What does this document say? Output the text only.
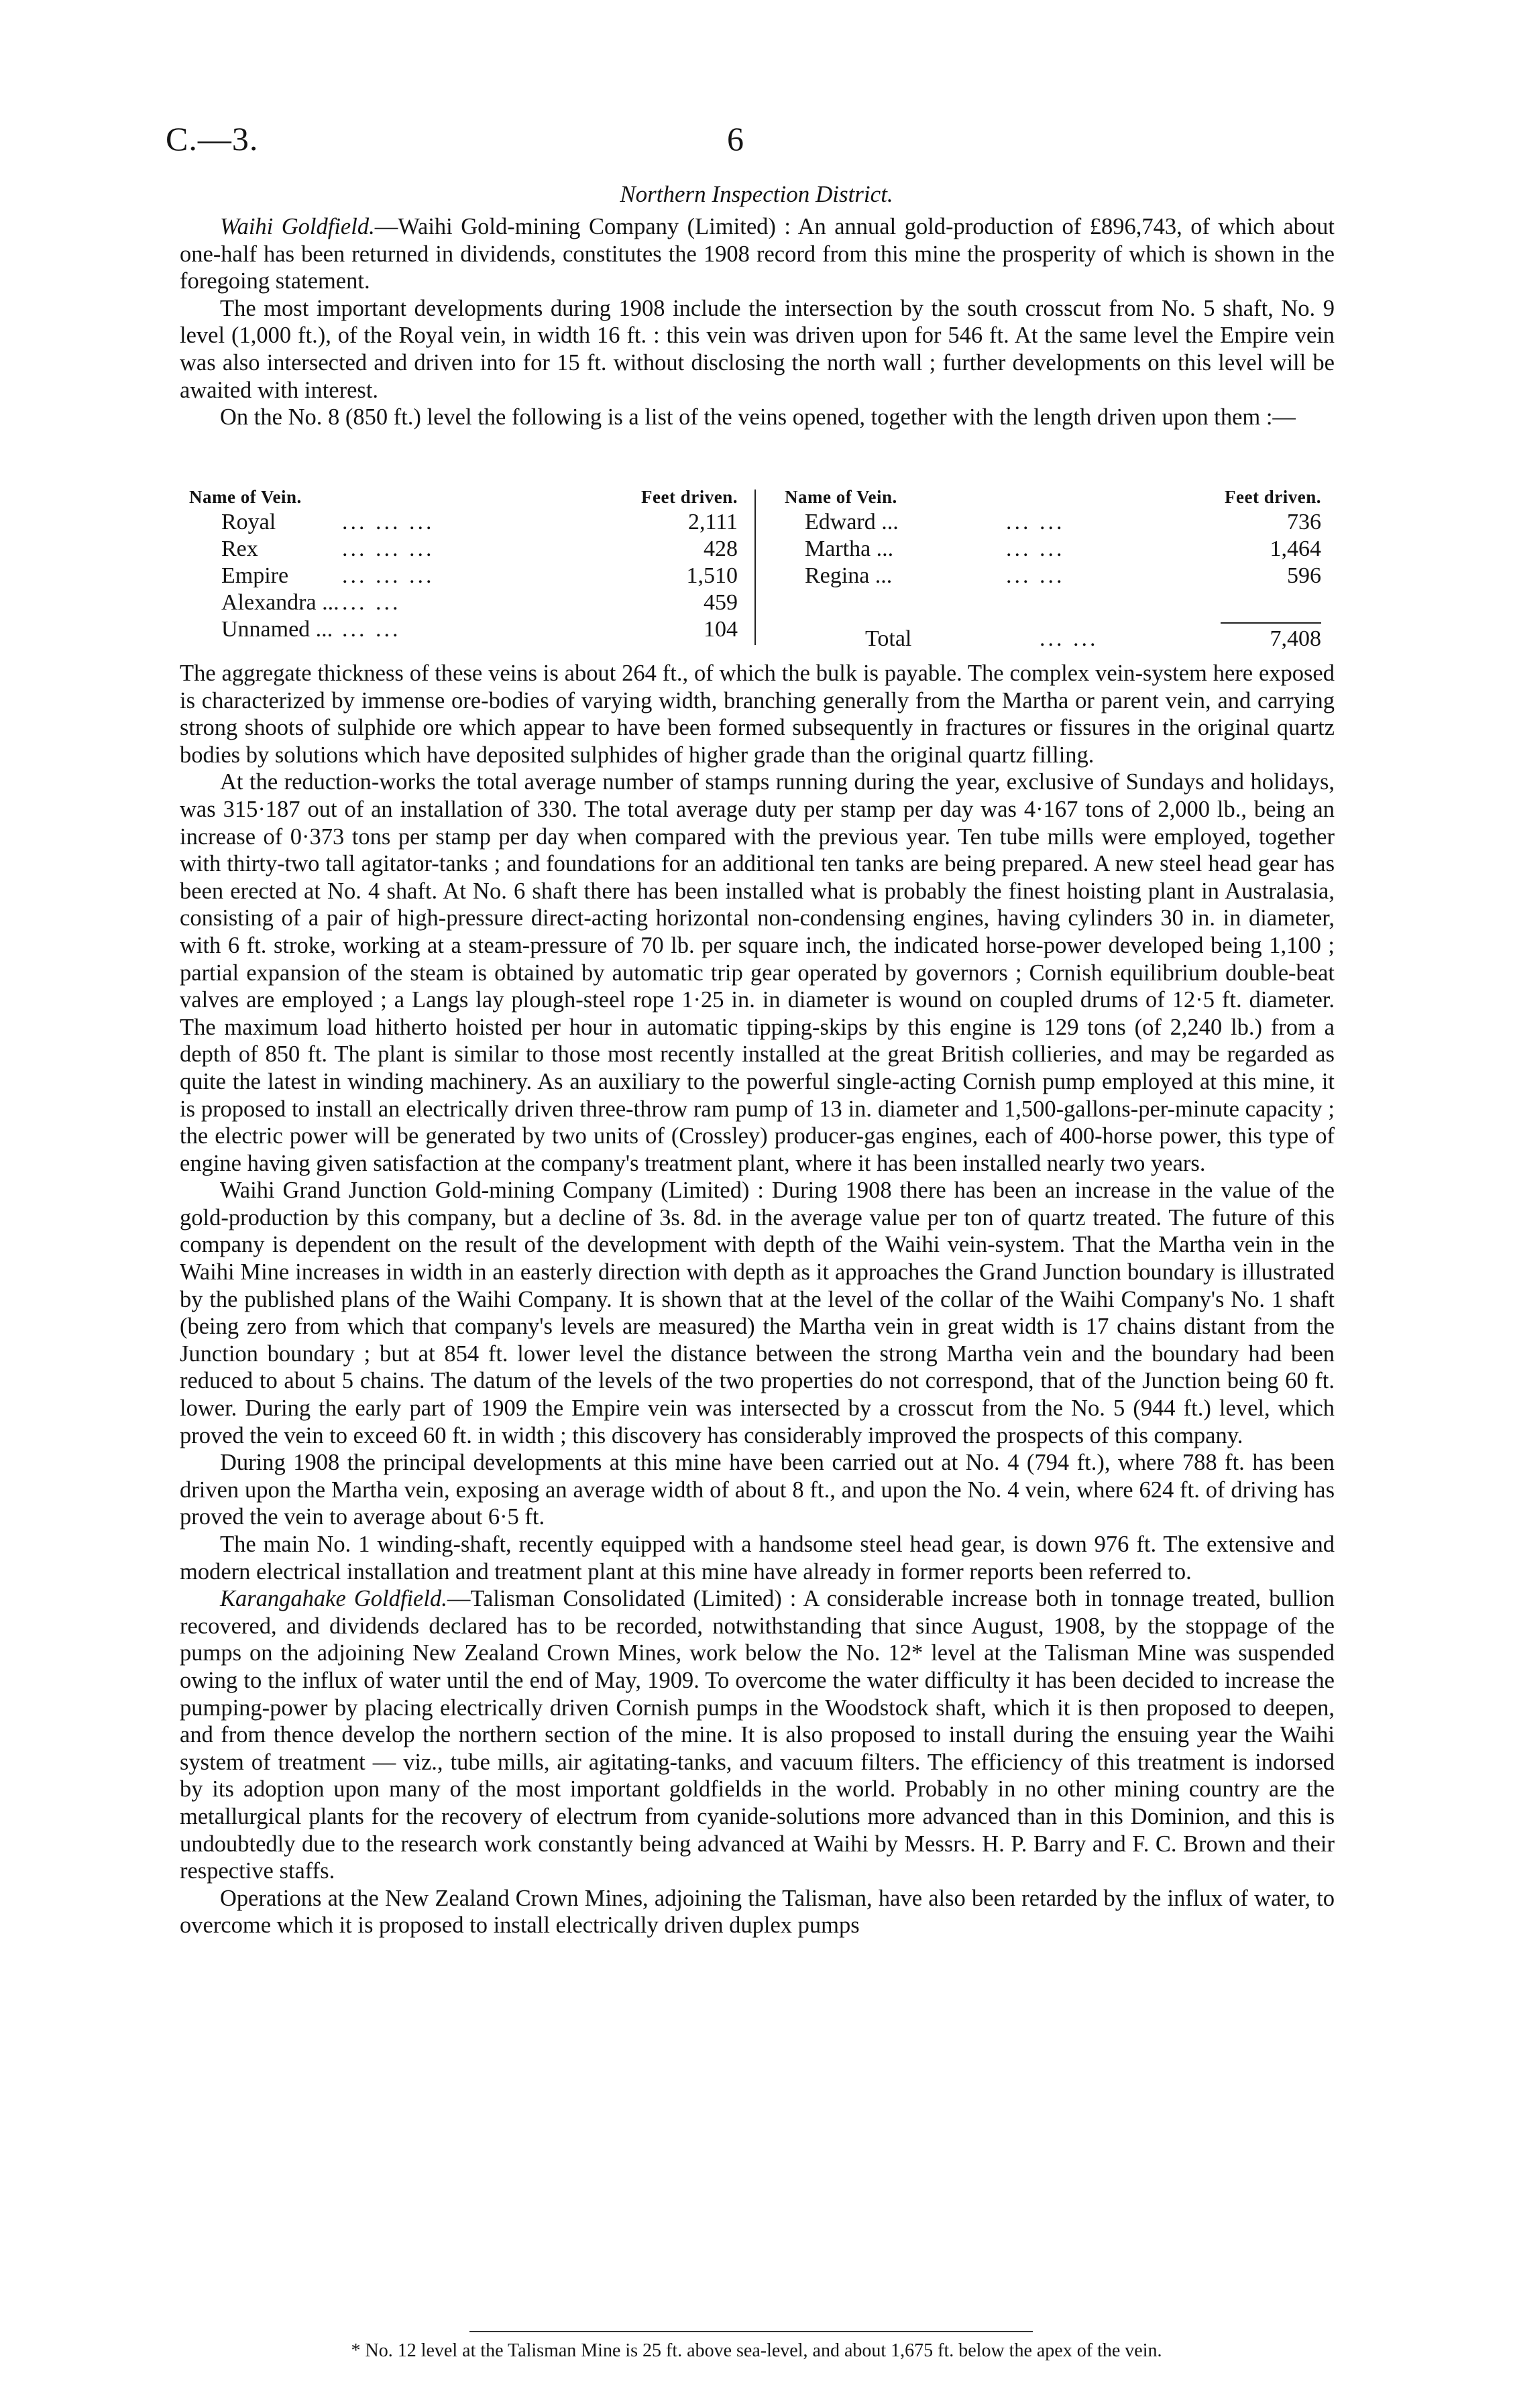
C.—3.	6
Northern Inspection District.

Waihi Goldfield.—Waihi Gold-mining Company (Limited) : An annual gold-production of £896,743, of which about one-half has been returned in dividends, constitutes the 1908 record from this mine the prosperity of which is shown in the foregoing statement.

The most important developments during 1908 include the intersection by the south crosscut from No. 5 shaft, No. 9 level (1,000 ft.), of the Royal vein, in width 16 ft. : this vein was driven upon for 546 ft. At the same level the Empire vein was also intersected and driven into for 15 ft. without disclosing the north wall ; further developments on this level will be awaited with interest.

On the No. 8 (850 ft.) level the following is a list of the veins opened, together with the length driven upon them :—

Name of Vein.	Feet driven.
Royal	... ... ...	2,111
Rex	... ... ...	428
Empire ... ... ...	1,510
Alexandra ... ... ...	459
Unnamed ... ... ...	104
Name of Vein.	Feet driven.
Edward ...	... ...	736
Martha ...	... ...	1,464
Regina ...	... ...	596
Total	... ...	7,408

The aggregate thickness of these veins is about 264 ft., of which the bulk is payable. The complex vein-system here exposed is characterized by immense ore-bodies of varying width, branching generally from the Martha or parent vein, and carrying strong shoots of sulphide ore which appear to have been formed subsequently in fractures or fissures in the original quartz bodies by solutions which have deposited sulphides of higher grade than the original quartz filling.

At the reduction-works the total average number of stamps running during the year, exclusive of Sundays and holidays, was 315·187 out of an installation of 330. The total average duty per stamp per day was 4·167 tons of 2,000 lb., being an increase of 0·373 tons per stamp per day when compared with the previous year. Ten tube mills were employed, together with thirty-two tall agitator-tanks ; and foundations for an additional ten tanks are being prepared. A new steel head gear has been erected at No. 4 shaft. At No. 6 shaft there has been installed what is probably the finest hoisting plant in Australasia, consisting of a pair of high-pressure direct-acting horizontal non-condensing engines, having cylinders 30 in. in diameter, with 6 ft. stroke, working at a steam-pressure of 70 lb. per square inch, the indicated horse-power developed being 1,100 ; partial expansion of the steam is obtained by automatic trip gear operated by governors ; Cornish equilibrium double-beat valves are employed ; a Langs lay plough-steel rope 1·25 in. in diameter is wound on coupled drums of 12·5 ft. diameter. The maximum load hitherto hoisted per hour in automatic tipping-skips by this engine is 129 tons (of 2,240 lb.) from a depth of 850 ft. The plant is similar to those most recently installed at the great British collieries, and may be regarded as quite the latest in winding machinery. As an auxiliary to the powerful single-acting Cornish pump employed at this mine, it is proposed to install an electrically driven three-throw ram pump of 13 in. diameter and 1,500-gallons-per-minute capacity ; the electric power will be generated by two units of (Crossley) producer-gas engines, each of 400-horse power, this type of engine having given satisfaction at the company's treatment plant, where it has been installed nearly two years.

Waihi Grand Junction Gold-mining Company (Limited) : During 1908 there has been an increase in the value of the gold-production by this company, but a decline of 3s. 8d. in the average value per ton of quartz treated. The future of this company is dependent on the result of the development with depth of the Waihi vein-system. That the Martha vein in the Waihi Mine increases in width in an easterly direction with depth as it approaches the Grand Junction boundary is illustrated by the published plans of the Waihi Company. It is shown that at the level of the collar of the Waihi Company's No. 1 shaft (being zero from which that company's levels are measured) the Martha vein in great width is 17 chains distant from the Junction boundary ; but at 854 ft. lower level the distance between the strong Martha vein and the boundary had been reduced to about 5 chains. The datum of the levels of the two properties do not correspond, that of the Junction being 60 ft. lower. During the early part of 1909 the Empire vein was intersected by a crosscut from the No. 5 (944 ft.) level, which proved the vein to exceed 60 ft. in width ; this discovery has considerably improved the prospects of this company.

During 1908 the principal developments at this mine have been carried out at No. 4 (794 ft.), where 788 ft. has been driven upon the Martha vein, exposing an average width of about 8 ft., and upon the No. 4 vein, where 624 ft. of driving has proved the vein to average about 6·5 ft.

The main No. 1 winding-shaft, recently equipped with a handsome steel head gear, is down 976 ft. The extensive and modern electrical installation and treatment plant at this mine have already in former reports been referred to.

Karangahake Goldfield.—Talisman Consolidated (Limited) : A considerable increase both in tonnage treated, bullion recovered, and dividends declared has to be recorded, notwithstanding that since August, 1908, by the stoppage of the pumps on the adjoining New Zealand Crown Mines, work below the No. 12* level at the Talisman Mine was suspended owing to the influx of water until the end of May, 1909. To overcome the water difficulty it has been decided to increase the pumping-power by placing electrically driven Cornish pumps in the Woodstock shaft, which it is then proposed to deepen, and from thence develop the northern section of the mine. It is also proposed to install during the ensuing year the Waihi system of treatment — viz., tube mills, air agitating-tanks, and vacuum filters. The efficiency of this treatment is indorsed by its adoption upon many of the most important goldfields in the world. Probably in no other mining country are the metallurgical plants for the recovery of electrum from cyanide-solutions more advanced than in this Dominion, and this is undoubtedly due to the research work constantly being advanced at Waihi by Messrs. H. P. Barry and F. C. Brown and their respective staffs.

Operations at the New Zealand Crown Mines, adjoining the Talisman, have also been retarded by the influx of water, to overcome which it is proposed to install electrically driven duplex pumps

* No. 12 level at the Talisman Mine is 25 ft. above sea-level, and about 1,675 ft. below the apex of the vein.
